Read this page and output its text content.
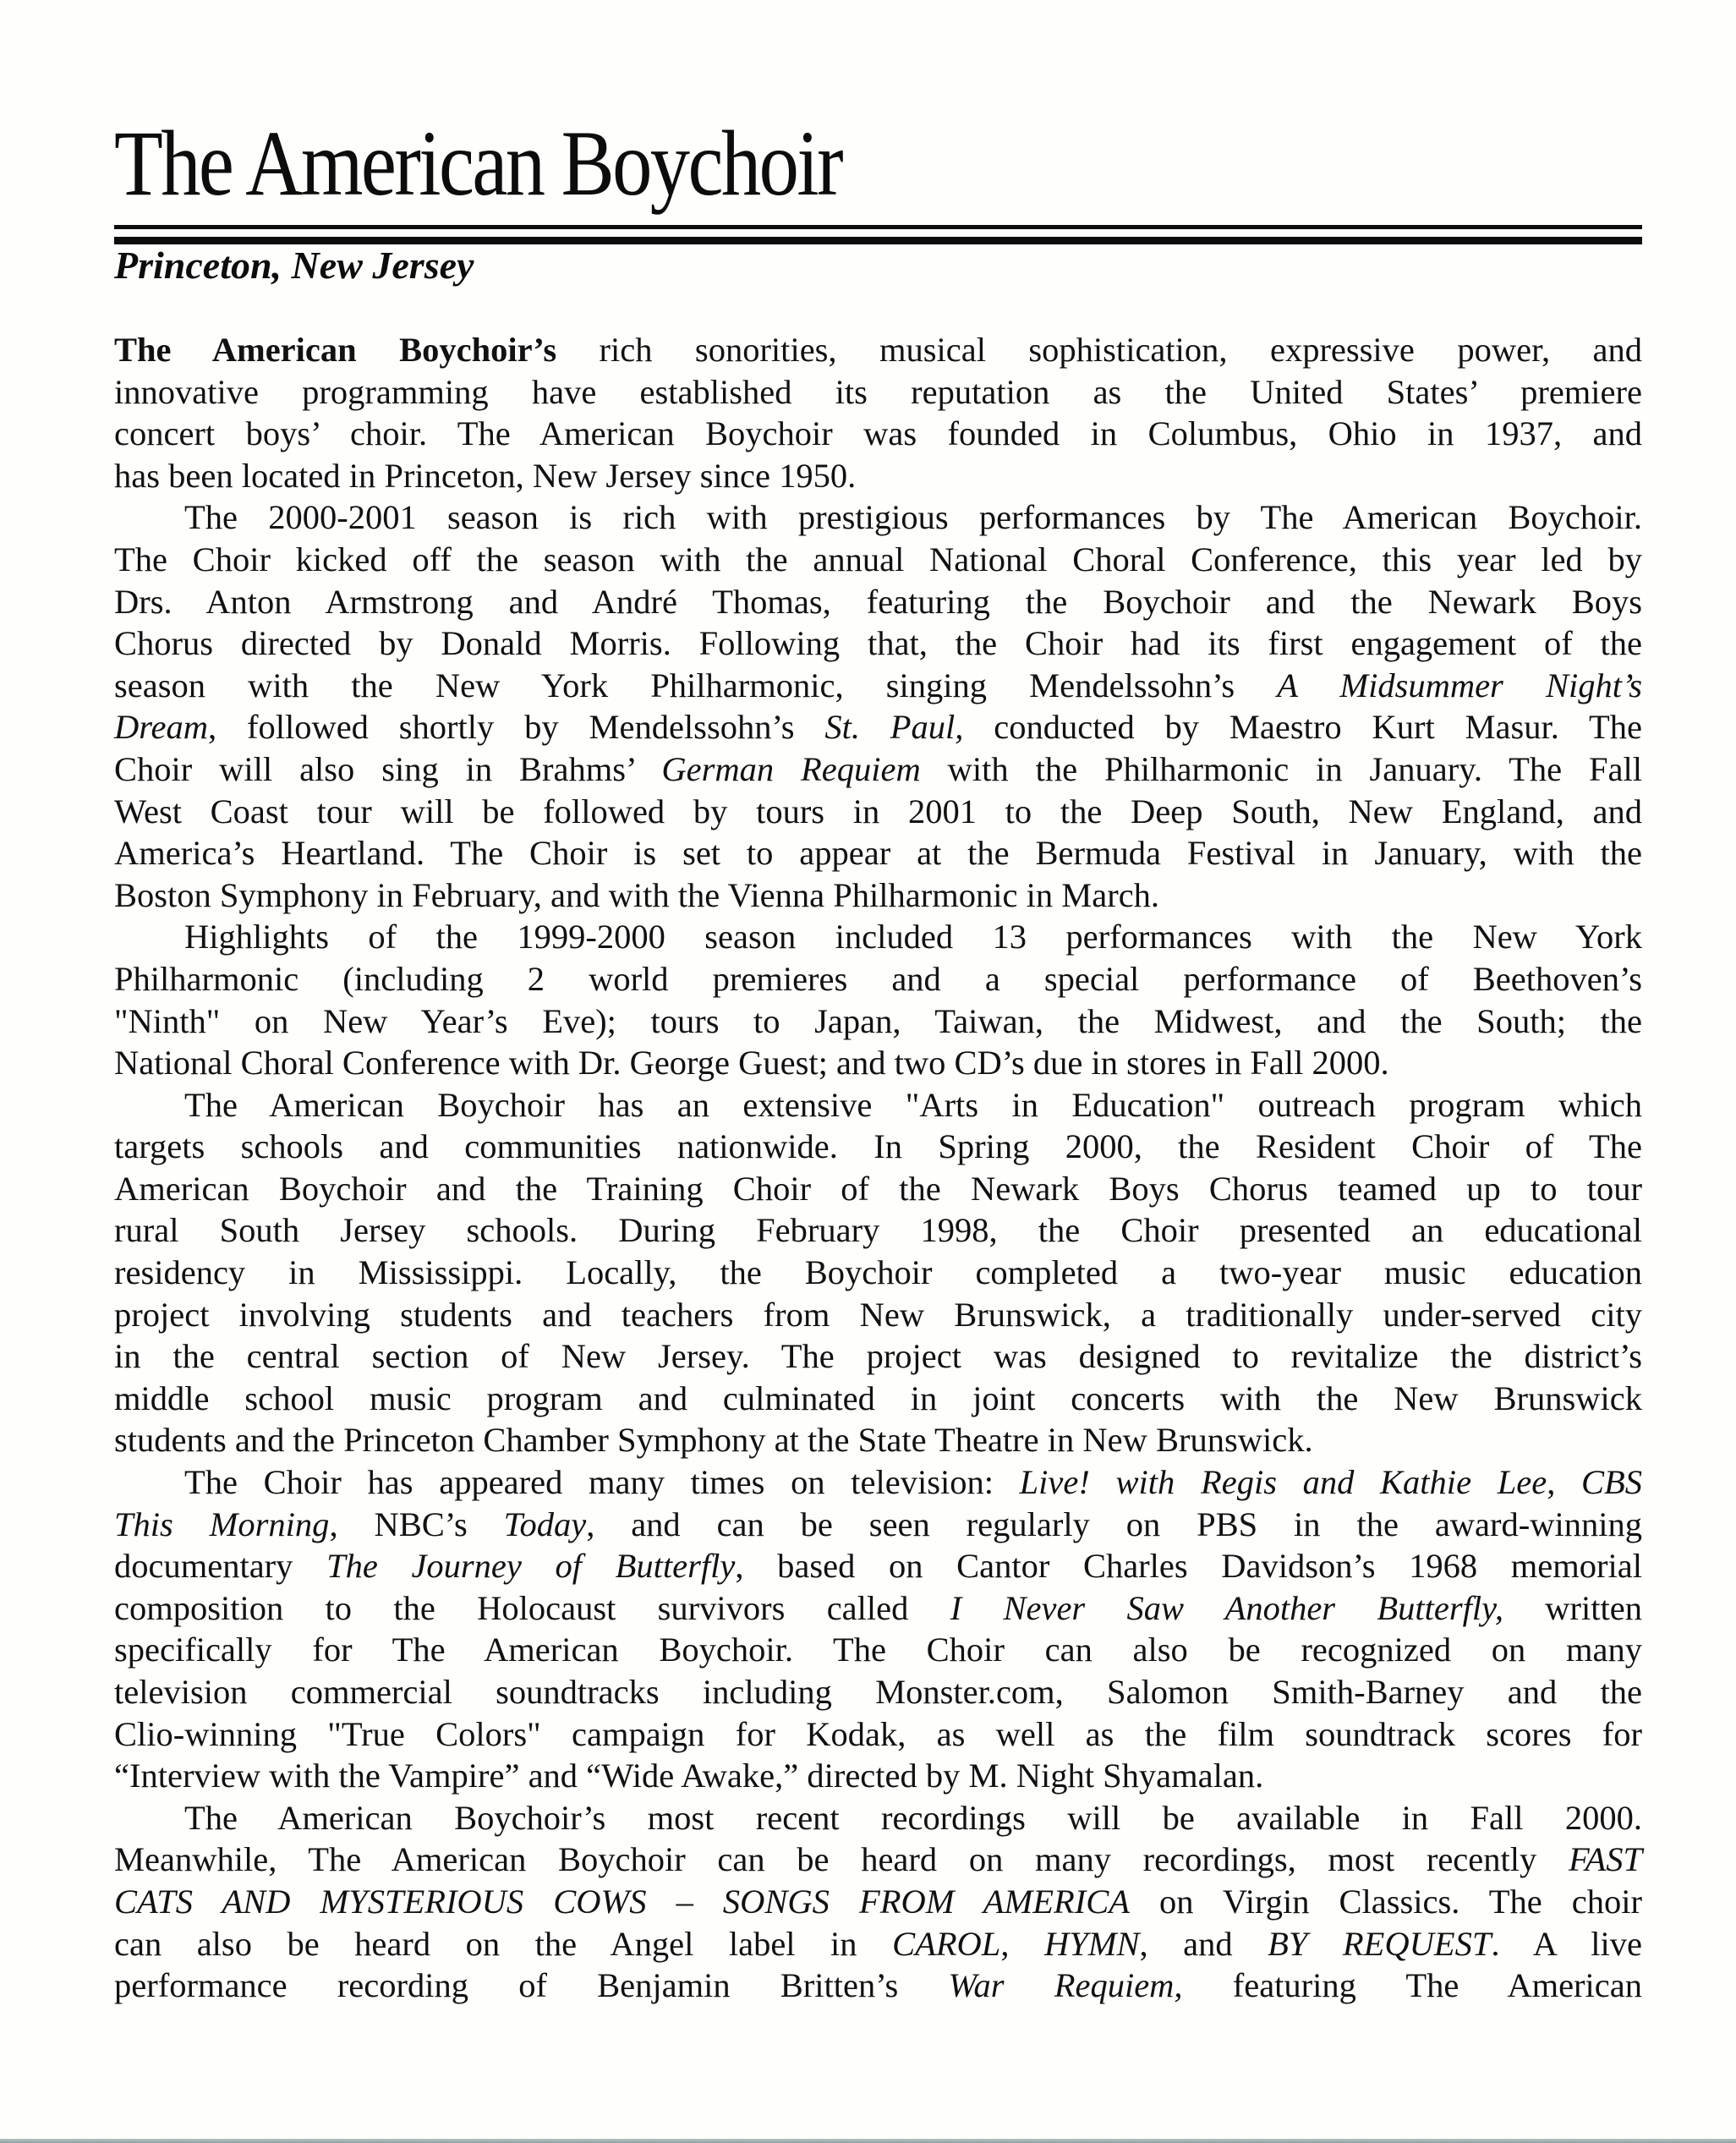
The American Boychoir
Princeton, New Jersey
The American Boychoir’s rich sonorities, musical sophistication, expressive power, and
innovative programming have established its reputation as the United States’ premiere
concert boys’ choir. The American Boychoir was founded in Columbus, Ohio in 1937, and
has been located in Princeton, New Jersey since 1950.
The 2000-2001 season is rich with prestigious performances by The American Boychoir.
The Choir kicked off the season with the annual National Choral Conference, this year led by
Drs. Anton Armstrong and André Thomas, featuring the Boychoir and the Newark Boys
Chorus directed by Donald Morris. Following that, the Choir had its first engagement of the
season with the New York Philharmonic, singing Mendelssohn’s A Midsummer Night’s
Dream, followed shortly by Mendelssohn’s St. Paul, conducted by Maestro Kurt Masur. The
Choir will also sing in Brahms’ German Requiem with the Philharmonic in January. The Fall
West Coast tour will be followed by tours in 2001 to the Deep South, New England, and
America’s Heartland. The Choir is set to appear at the Bermuda Festival in January, with the
Boston Symphony in February, and with the Vienna Philharmonic in March.
Highlights of the 1999-2000 season included 13 performances with the New York
Philharmonic (including 2 world premieres and a special performance of Beethoven’s
"Ninth" on New Year’s Eve); tours to Japan, Taiwan, the Midwest, and the South; the
National Choral Conference with Dr. George Guest; and two CD’s due in stores in Fall 2000.
The American Boychoir has an extensive "Arts in Education" outreach program which
targets schools and communities nationwide. In Spring 2000, the Resident Choir of The
American Boychoir and the Training Choir of the Newark Boys Chorus teamed up to tour
rural South Jersey schools. During February 1998, the Choir presented an educational
residency in Mississippi. Locally, the Boychoir completed a two-year music education
project involving students and teachers from New Brunswick, a traditionally under-served city
in the central section of New Jersey. The project was designed to revitalize the district’s
middle school music program and culminated in joint concerts with the New Brunswick
students and the Princeton Chamber Symphony at the State Theatre in New Brunswick.
The Choir has appeared many times on television: Live! with Regis and Kathie Lee, CBS
This Morning, NBC’s Today, and can be seen regularly on PBS in the award-winning
documentary The Journey of Butterfly, based on Cantor Charles Davidson’s 1968 memorial
composition to the Holocaust survivors called I Never Saw Another Butterfly, written
specifically for The American Boychoir. The Choir can also be recognized on many
television commercial soundtracks including Monster.com, Salomon Smith-Barney and the
Clio-winning "True Colors" campaign for Kodak, as well as the film soundtrack scores for
“Interview with the Vampire” and “Wide Awake,” directed by M. Night Shyamalan.
The American Boychoir’s most recent recordings will be available in Fall 2000.
Meanwhile, The American Boychoir can be heard on many recordings, most recently FAST
CATS AND MYSTERIOUS COWS – SONGS FROM AMERICA on Virgin Classics. The choir
can also be heard on the Angel label in CAROL, HYMN, and BY REQUEST. A live
performance recording of Benjamin Britten’s War Requiem, featuring The American
